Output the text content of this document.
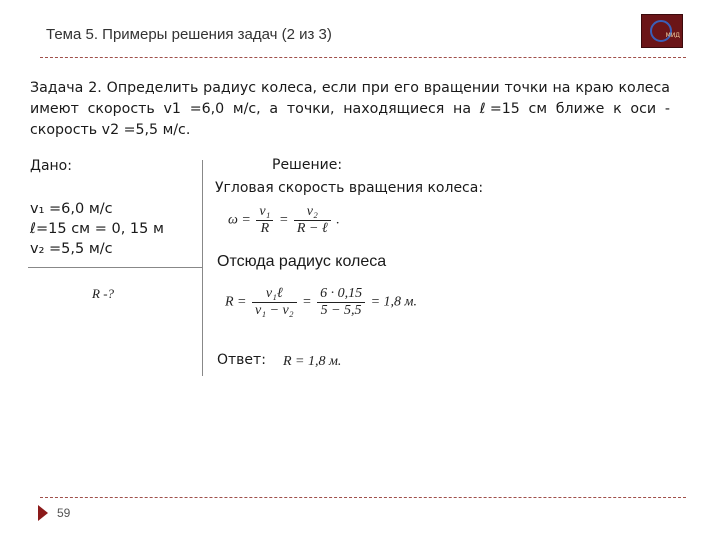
Тема 5. Примеры решения задач (2 из 3)	МИД
Задача 2. Определить радиус колеса, если при его вращении точки на краю колеса имеют скорость v1 =6,0 м/с, а точки, находящиеся на ℓ=15 см ближе к оси - скорость v2 =5,5 м/с.
Дано:
v₁ =6,0 м/с
ℓ=15 см = 0, 15 м
v₂ =5,5 м/с
R -?
Решение:
Угловая скорость вращения колеса:
$\omega = \frac{\text{v₁}}{R} = \frac{\text{v₂}}{\text{R − ℓ}}$ .
Отсюда радиус колеса
$R = \frac{\text{v₁ℓ}}{\text{v₁ − v₂}} = \frac{6 \cdot 0,15}{5 - 5,5} = 1,8$ м.
Ответ: R = 1,8 м.
59
